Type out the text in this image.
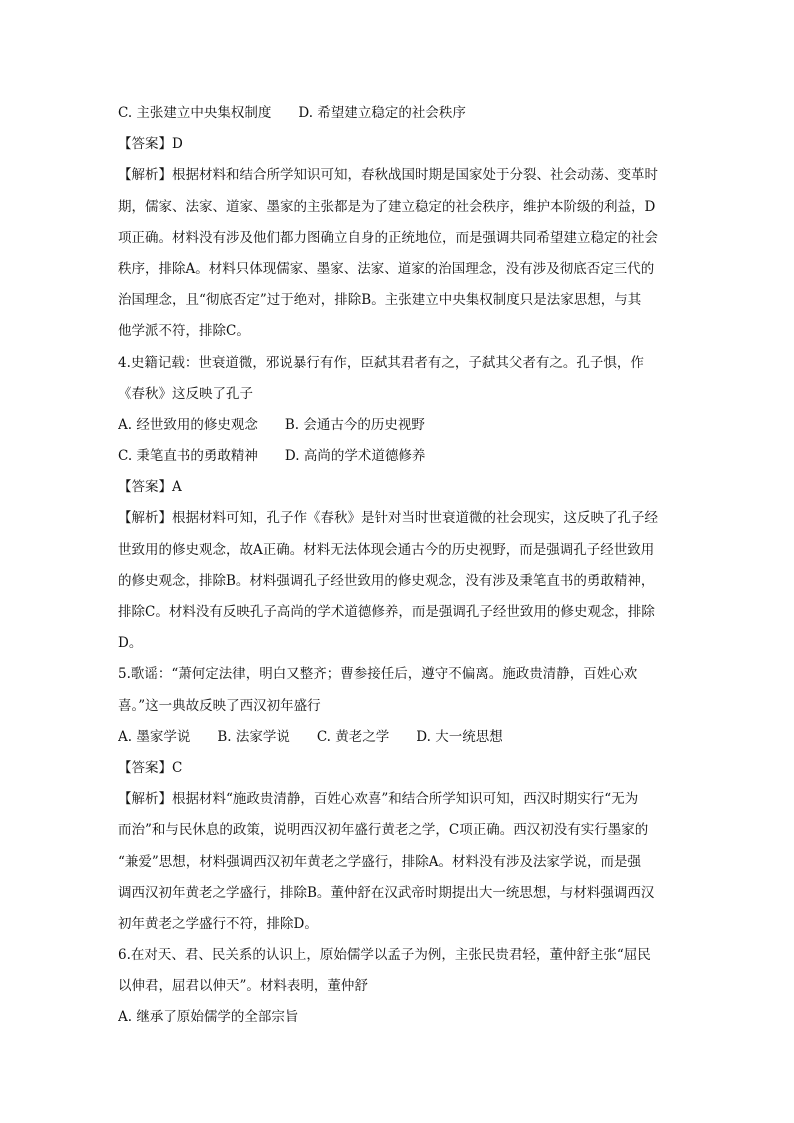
C. 主张建立中央集权制度　　D. 希望建立稳定的社会秩序
【答案】D
【解析】根据材料和结合所学知识可知，春秋战国时期是国家处于分裂、社会动荡、变革时
期，儒家、法家、道家、墨家的主张都是为了建立稳定的社会秩序，维护本阶级的利益，D
项正确。材料没有涉及他们都力图确立自身的正统地位，而是强调共同希望建立稳定的社会
秩序，排除A。材料只体现儒家、墨家、法家、道家的治国理念，没有涉及彻底否定三代的
治国理念，且“彻底否定”过于绝对，排除B。主张建立中央集权制度只是法家思想，与其
他学派不符，排除C。
4.史籍记载：世衰道微，邪说暴行有作，臣弑其君者有之，子弑其父者有之。孔子惧，作
《春秋》这反映了孔子
A. 经世致用的修史观念　　B. 会通古今的历史视野
C. 秉笔直书的勇敢精神　　D. 高尚的学术道德修养
【答案】A
【解析】根据材料可知，孔子作《春秋》是针对当时世衰道微的社会现实，这反映了孔子经
世致用的修史观念，故A正确。材料无法体现会通古今的历史视野，而是强调孔子经世致用
的修史观念，排除B。材料强调孔子经世致用的修史观念，没有涉及秉笔直书的勇敢精神，
排除C。材料没有反映孔子高尚的学术道德修养，而是强调孔子经世致用的修史观念，排除
D。
5.歌谣：“萧何定法律，明白又整齐；曹参接任后，遵守不偏离。施政贵清静，百姓心欢
喜。”这一典故反映了西汉初年盛行
A. 墨家学说　　B. 法家学说　　C. 黄老之学　　D. 大一统思想
【答案】C
【解析】根据材料“施政贵清静，百姓心欢喜”和结合所学知识可知，西汉时期实行“无为
而治”和与民休息的政策，说明西汉初年盛行黄老之学，C项正确。西汉初没有实行墨家的
“兼爱”思想，材料强调西汉初年黄老之学盛行，排除A。材料没有涉及法家学说，而是强
调西汉初年黄老之学盛行，排除B。董仲舒在汉武帝时期提出大一统思想，与材料强调西汉
初年黄老之学盛行不符，排除D。
6.在对天、君、民关系的认识上，原始儒学以孟子为例，主张民贵君轻，董仲舒主张“屈民
以伸君，屈君以伸天”。材料表明，董仲舒
A. 继承了原始儒学的全部宗旨
